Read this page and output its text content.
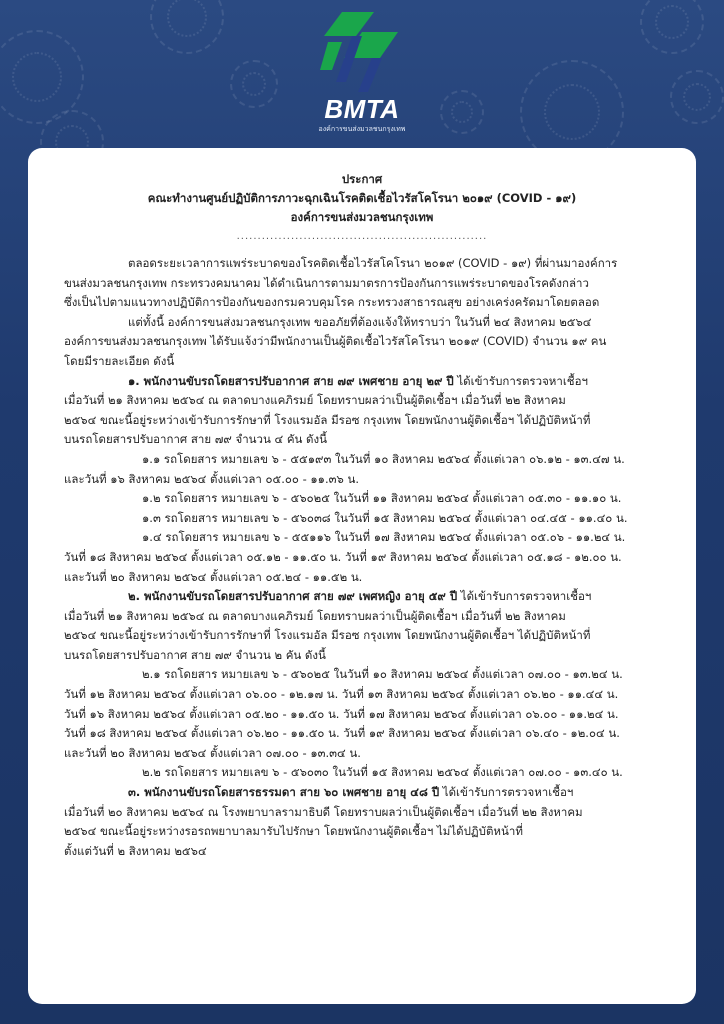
BMTA
องค์การขนส่งมวลชนกรุงเทพ
ประกาศ
คณะทำงานศูนย์ปฏิบัติการภาวะฉุกเฉินโรคติดเชื้อไวรัสโคโรนา ๒๐๑๙ (COVID - ๑๙)
องค์การขนส่งมวลชนกรุงเทพ
............................................................

ตลอดระยะเวลาการแพร่ระบาดของโรคติดเชื้อไวรัสโคโรนา ๒๐๑๙ (COVID - ๑๙) ที่ผ่านมาองค์การ

ขนส่งมวลชนกรุงเทพ กระทรวงคมนาคม ได้ดำเนินการตามมาตรการป้องกันการแพร่ระบาดของโรคดังกล่าว

ซึ่งเป็นไปตามแนวทางปฏิบัติการป้องกันของกรมควบคุมโรค กระทรวงสาธารณสุข อย่างเคร่งครัดมาโดยตลอด

แต่ทั้งนี้ องค์การขนส่งมวลชนกรุงเทพ ขออภัยที่ต้องแจ้งให้ทราบว่า ในวันที่ ๒๔ สิงหาคม ๒๕๖๔

องค์การขนส่งมวลชนกรุงเทพ ได้รับแจ้งว่ามีพนักงานเป็นผู้ติดเชื้อไวรัสโคโรนา ๒๐๑๙ (COVID) จำนวน ๑๙ คน

โดยมีรายละเอียด ดังนี้

๑. พนักงานขับรถโดยสารปรับอากาศ สาย ๗๙ เพศชาย อายุ ๒๙ ปี ได้เข้ารับการตรวจหาเชื้อฯ

เมื่อวันที่ ๒๑ สิงหาคม ๒๕๖๔ ณ ตลาดบางแคภิรมย์ โดยทราบผลว่าเป็นผู้ติดเชื้อฯ เมื่อวันที่ ๒๒ สิงหาคม

๒๕๖๔ ขณะนี้อยู่ระหว่างเข้ารับการรักษาที่ โรงแรมอัล มีรอซ กรุงเทพ โดยพนักงานผู้ติดเชื้อฯ ได้ปฏิบัติหน้าที่

บนรถโดยสารปรับอากาศ สาย ๗๙ จำนวน ๔ คัน ดังนี้

๑.๑ รถโดยสาร หมายเลข ๖ - ๕๕๑๙๓ ในวันที่ ๑๐ สิงหาคม ๒๕๖๔ ตั้งแต่เวลา ๐๖.๑๒ - ๑๓.๔๗ น.

และวันที่ ๑๖ สิงหาคม ๒๕๖๔ ตั้งแต่เวลา ๐๕.๐๐ - ๑๑.๓๖ น.

๑.๒ รถโดยสาร หมายเลข ๖ - ๕๖๐๒๕ ในวันที่ ๑๑ สิงหาคม ๒๕๖๔ ตั้งแต่เวลา ๐๕.๓๐ - ๑๑.๑๐ น.

๑.๓ รถโดยสาร หมายเลข ๖ - ๕๖๐๓๘ ในวันที่ ๑๕ สิงหาคม ๒๕๖๔ ตั้งแต่เวลา ๐๔.๔๕ - ๑๑.๔๐ น.

๑.๔ รถโดยสาร หมายเลข ๖ - ๕๕๑๑๖ ในวันที่ ๑๗ สิงหาคม ๒๕๖๔ ตั้งแต่เวลา ๐๕.๐๖ - ๑๑.๒๔ น.

วันที่ ๑๘ สิงหาคม ๒๕๖๔ ตั้งแต่เวลา ๐๕.๑๒ - ๑๑.๕๐ น. วันที่ ๑๙ สิงหาคม ๒๕๖๔ ตั้งแต่เวลา ๐๕.๑๘ - ๑๒.๐๐ น.

และวันที่ ๒๐ สิงหาคม ๒๕๖๔ ตั้งแต่เวลา ๐๕.๒๔ - ๑๑.๕๒ น.

๒. พนักงานขับรถโดยสารปรับอากาศ สาย ๗๙ เพศหญิง อายุ ๕๙ ปี ได้เข้ารับการตรวจหาเชื้อฯ

เมื่อวันที่ ๒๑ สิงหาคม ๒๕๖๔ ณ ตลาดบางแคภิรมย์ โดยทราบผลว่าเป็นผู้ติดเชื้อฯ เมื่อวันที่ ๒๒ สิงหาคม

๒๕๖๔ ขณะนี้อยู่ระหว่างเข้ารับการรักษาที่ โรงแรมอัล มีรอซ กรุงเทพ โดยพนักงานผู้ติดเชื้อฯ ได้ปฏิบัติหน้าที่

บนรถโดยสารปรับอากาศ สาย ๗๙ จำนวน ๒ คัน ดังนี้

๒.๑ รถโดยสาร หมายเลข ๖ - ๕๖๐๒๕ ในวันที่ ๑๐ สิงหาคม ๒๕๖๔ ตั้งแต่เวลา ๐๗.๐๐ - ๑๓.๒๔ น.

วันที่ ๑๒ สิงหาคม ๒๕๖๔ ตั้งแต่เวลา ๐๖.๐๐ - ๑๒.๑๗ น. วันที่ ๑๓ สิงหาคม ๒๕๖๔ ตั้งแต่เวลา ๐๖.๒๐ - ๑๑.๔๔ น.

วันที่ ๑๖ สิงหาคม ๒๕๖๔ ตั้งแต่เวลา ๐๕.๒๐ - ๑๑.๕๐ น. วันที่ ๑๗ สิงหาคม ๒๕๖๔ ตั้งแต่เวลา ๐๖.๐๐ - ๑๑.๒๔ น.

วันที่ ๑๘ สิงหาคม ๒๕๖๔ ตั้งแต่เวลา ๐๖.๒๐ - ๑๑.๕๐ น. วันที่ ๑๙ สิงหาคม ๒๕๖๔ ตั้งแต่เวลา ๐๖.๔๐ - ๑๒.๐๔ น.

และวันที่ ๒๐ สิงหาคม ๒๕๖๔ ตั้งแต่เวลา ๐๗.๐๐ - ๑๓.๓๔ น.

๒.๒ รถโดยสาร หมายเลข ๖ - ๕๖๐๓๐ ในวันที่ ๑๕ สิงหาคม ๒๕๖๔ ตั้งแต่เวลา ๐๗.๐๐ - ๑๓.๔๐ น.

๓. พนักงานขับรถโดยสารธรรมดา สาย ๖๐ เพศชาย อายุ ๔๘ ปี ได้เข้ารับการตรวจหาเชื้อฯ

เมื่อวันที่ ๒๐ สิงหาคม ๒๕๖๔ ณ โรงพยาบาลรามาธิบดี โดยทราบผลว่าเป็นผู้ติดเชื้อฯ เมื่อวันที่ ๒๒ สิงหาคม

๒๕๖๔ ขณะนี้อยู่ระหว่างรอรถพยาบาลมารับไปรักษา โดยพนักงานผู้ติดเชื้อฯ ไม่ได้ปฏิบัติหน้าที่

ตั้งแต่วันที่ ๒ สิงหาคม ๒๕๖๔
